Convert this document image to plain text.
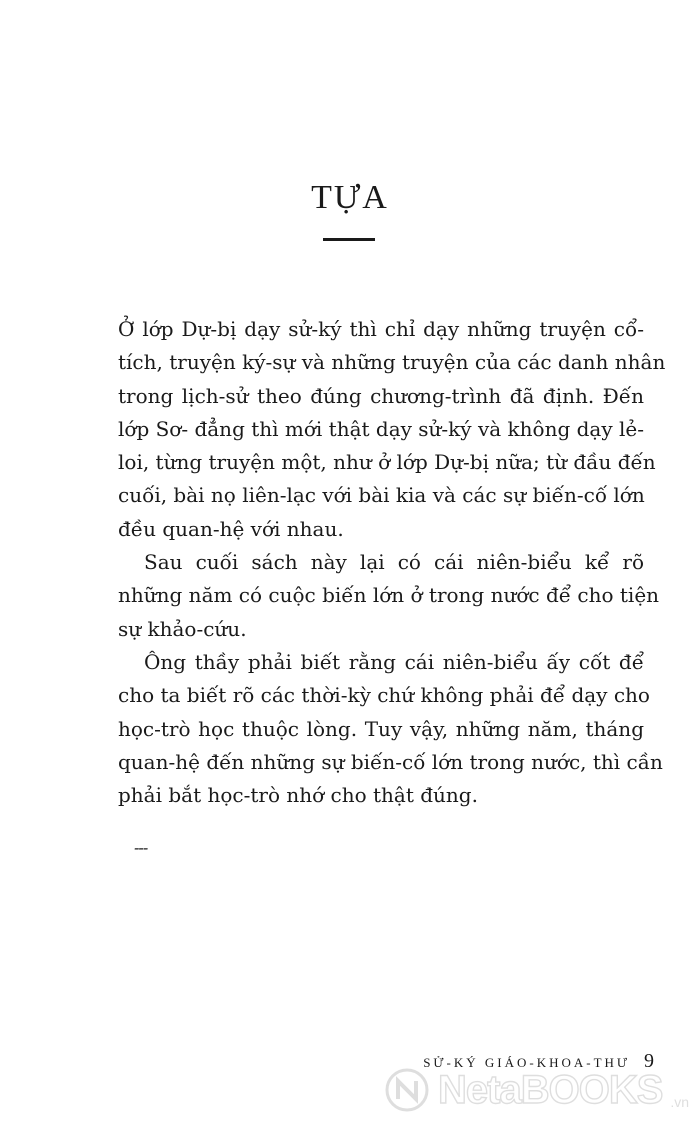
TỰA
Ở lớp Dự-bị dạy sử-ký thì chỉ dạy những truyện cổ-
tích, truyện ký-sự và những truyện của các danh nhân
trong lịch-sử theo đúng chương-trình đã định. Đến
lớp Sơ- đẳng thì mới thật dạy sử-ký và không dạy lẻ-
loi, từng truyện một, như ở lớp Dự-bị nữa; từ đầu đến
cuối, bài nọ liên-lạc với bài kia và các sự biến-cố lớn
đều quan-hệ với nhau.
Sau cuối sách này lại có cái niên-biểu kể rõ
những năm có cuộc biến lớn ở trong nước để cho tiện
sự khảo-cứu.
Ông thầy phải biết rằng cái niên-biểu ấy cốt để
cho ta biết rõ các thời-kỳ chứ không phải để dạy cho
học-trò học thuộc lòng. Tuy vậy, những năm, tháng
quan-hệ đến những sự biến-cố lớn trong nước, thì cần
phải bắt học-trò nhớ cho thật đúng.
---
SỬ-KÝ GIÁO-KHOA-THƯ 9
NetaBOOKS .vn
